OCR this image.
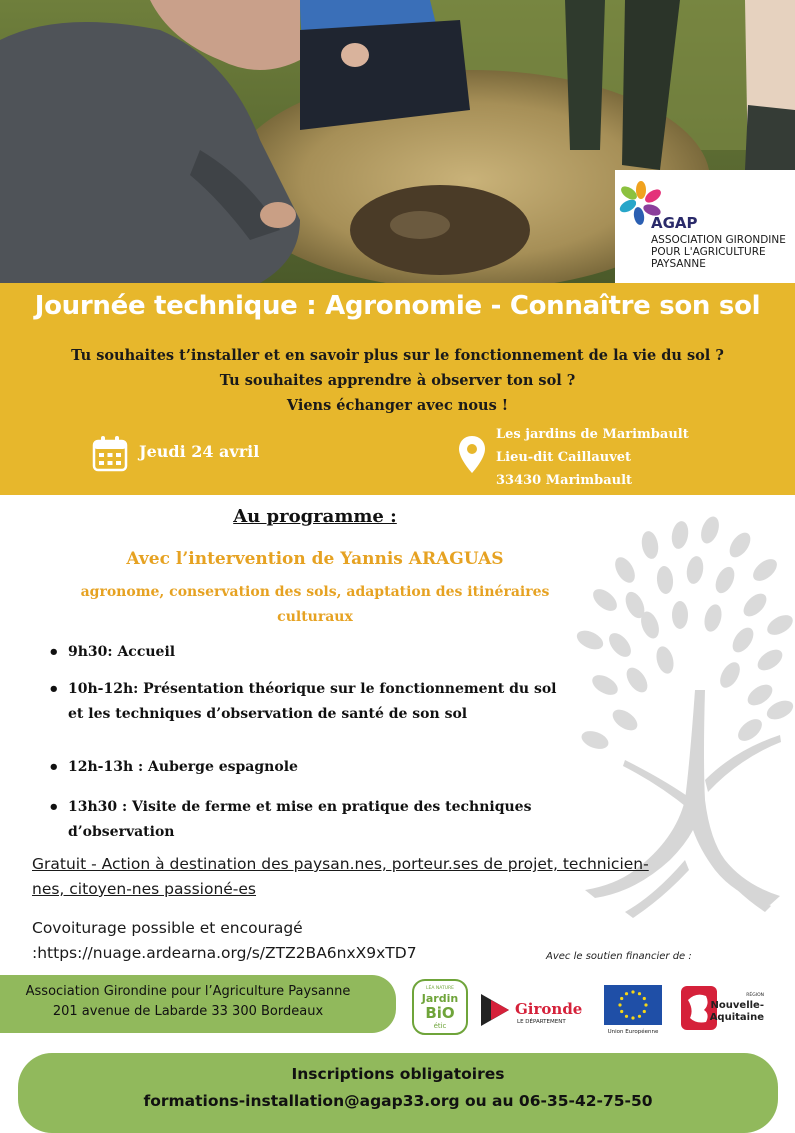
AGAP
ASSOCIATION GIRONDINE
POUR L'AGRICULTURE
PAYSANNE
Journée technique : Agronomie - Connaître son sol
Tu souhaites t’installer et en savoir plus sur le fonctionnement de la vie du sol ?
Tu souhaites apprendre à observer ton sol ?
Viens échanger avec nous !
Jeudi 24 avril
Les jardins de Marimbault
Lieu-dit Caillauvet
33430 Marimbault
Au programme :
Avec l’intervention de Yannis ARAGUAS
agronome, conservation des sols, adaptation des itinéraires
culturaux
• 9h30: Accueil
• 10h-12h: Présentation théorique sur le fonctionnement du sol
et les techniques d’observation de santé de son sol
• 12h-13h : Auberge espagnole
• 13h30 : Visite de ferme et mise en pratique des techniques
d’observation
Gratuit - Action à destination des paysan.nes, porteur.ses de projet, technicien-
nes, citoyen-nes passioné-es
Covoiturage possible et encouragé
:https://nuage.ardearna.org/s/ZTZ2BA6nxX9xTD7	Avec le soutien financier de :
Association Girondine pour l’Agriculture Paysanne
201 avenue de Labarde 33 300 Bordeaux
LÉA NATURE
Jardin
BiO
étic
Gironde
LE DÉPARTEMENT
Union Européenne
RÉGION
Nouvelle-
Aquitaine
Inscriptions obligatoires
formations-installation@agap33.org ou au 06-35-42-75-50
